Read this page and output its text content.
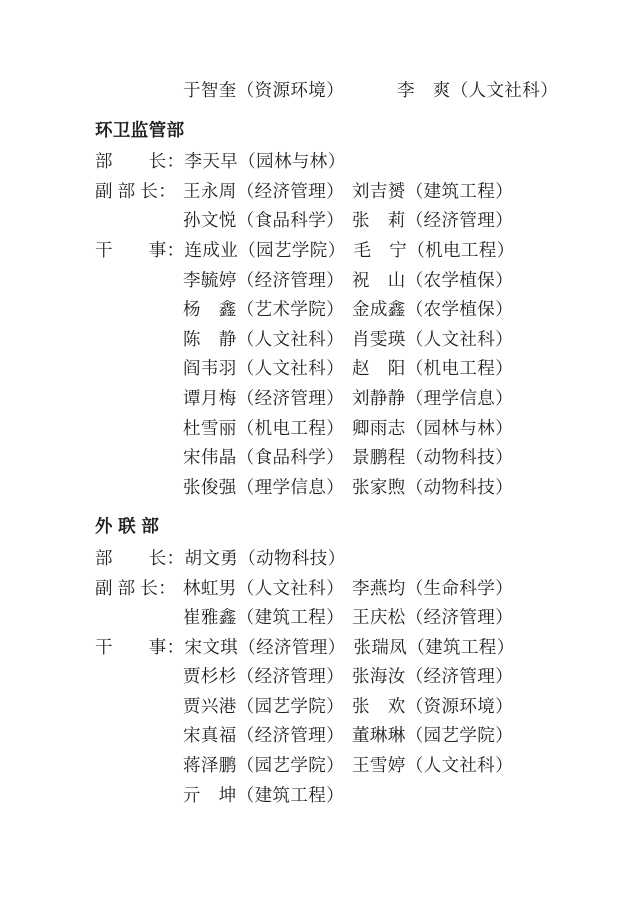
于智奎（资源环境）	李　爽（人文社科）
环卫监管部
部　　长： 李天早（园林与林）
副 部 长： 王永周（经济管理） 刘吉赟（建筑工程）
孙文悦（食品科学） 张　莉（经济管理）
干　　事： 连成业（园艺学院） 毛　宁（机电工程）
李毓婷（经济管理） 祝　山（农学植保）
杨　鑫（艺术学院） 金成鑫（农学植保）
陈　静（人文社科） 肖雯瑛（人文社科）
阎韦羽（人文社科） 赵　阳（机电工程）
谭月梅（经济管理） 刘静静（理学信息）
杜雪丽（机电工程） 卿雨志（园林与林）
宋伟晶（食品科学） 景鹏程（动物科技）
张俊强（理学信息） 张家煦（动物科技）
外 联 部
部　　长： 胡文勇（动物科技）
副 部 长： 林虹男（人文社科） 李燕均（生命科学）
崔雅鑫（建筑工程） 王庆松（经济管理）
干　　事： 宋文琪（经济管理） 张瑞凤（建筑工程）
贾杉杉（经济管理） 张海汝（经济管理）
贾兴港（园艺学院） 张　欢（资源环境）
宋真福（经济管理） 董琳琳（园艺学院）
蒋泽鹏（园艺学院） 王雪婷（人文社科）
亓　坤（建筑工程）
